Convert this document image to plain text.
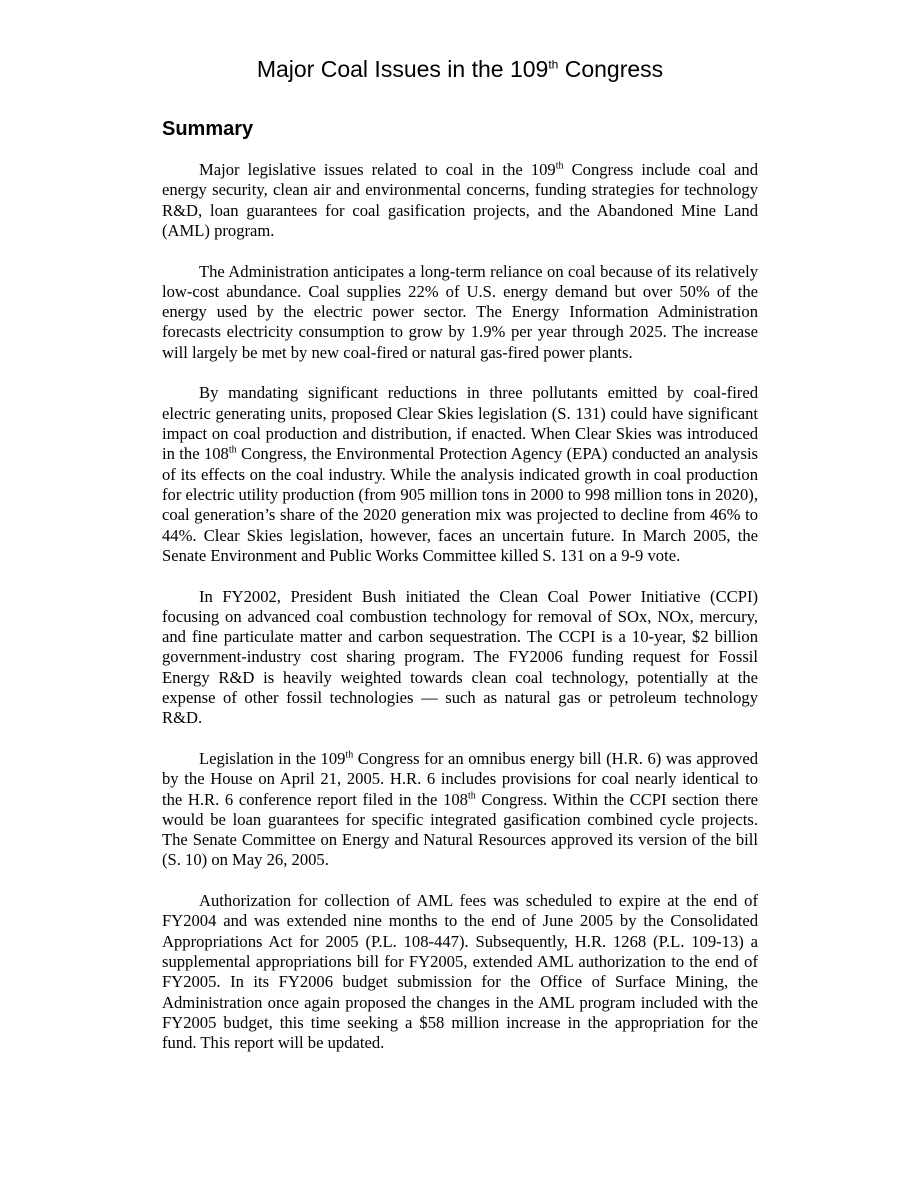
Major Coal Issues in the 109th Congress
Summary

Major legislative issues related to coal in the 109th Congress include coal and energy security, clean air and environmental concerns, funding strategies for technology R&D, loan guarantees for coal gasification projects, and the Abandoned Mine Land (AML) program.

The Administration anticipates a long-term reliance on coal because of its relatively low-cost abundance. Coal supplies 22% of U.S. energy demand but over 50% of the energy used by the electric power sector. The Energy Information Administration forecasts electricity consumption to grow by 1.9% per year through 2025. The increase will largely be met by new coal-fired or natural gas-fired power plants.

By mandating significant reductions in three pollutants emitted by coal-fired electric generating units, proposed Clear Skies legislation (S. 131) could have significant impact on coal production and distribution, if enacted. When Clear Skies was introduced in the 108th Congress, the Environmental Protection Agency (EPA) conducted an analysis of its effects on the coal industry. While the analysis indicated growth in coal production for electric utility production (from 905 million tons in 2000 to 998 million tons in 2020), coal generation’s share of the 2020 generation mix was projected to decline from 46% to 44%. Clear Skies legislation, however, faces an uncertain future. In March 2005, the Senate Environment and Public Works Committee killed S. 131 on a 9-9 vote.

In FY2002, President Bush initiated the Clean Coal Power Initiative (CCPI) focusing on advanced coal combustion technology for removal of SOx, NOx, mercury, and fine particulate matter and carbon sequestration. The CCPI is a 10-year, $2 billion government-industry cost sharing program. The FY2006 funding request for Fossil Energy R&D is heavily weighted towards clean coal technology, potentially at the expense of other fossil technologies — such as natural gas or petroleum technology R&D.

Legislation in the 109th Congress for an omnibus energy bill (H.R. 6) was approved by the House on April 21, 2005. H.R. 6 includes provisions for coal nearly identical to the H.R. 6 conference report filed in the 108th Congress. Within the CCPI section there would be loan guarantees for specific integrated gasification combined cycle projects. The Senate Committee on Energy and Natural Resources approved its version of the bill (S. 10) on May 26, 2005.

Authorization for collection of AML fees was scheduled to expire at the end of FY2004 and was extended nine months to the end of June 2005 by the Consolidated Appropriations Act for 2005 (P.L. 108-447). Subsequently, H.R. 1268 (P.L. 109-13) a supplemental appropriations bill for FY2005, extended AML authorization to the end of FY2005. In its FY2006 budget submission for the Office of Surface Mining, the Administration once again proposed the changes in the AML program included with the FY2005 budget, this time seeking a $58 million increase in the appropriation for the fund. This report will be updated.
